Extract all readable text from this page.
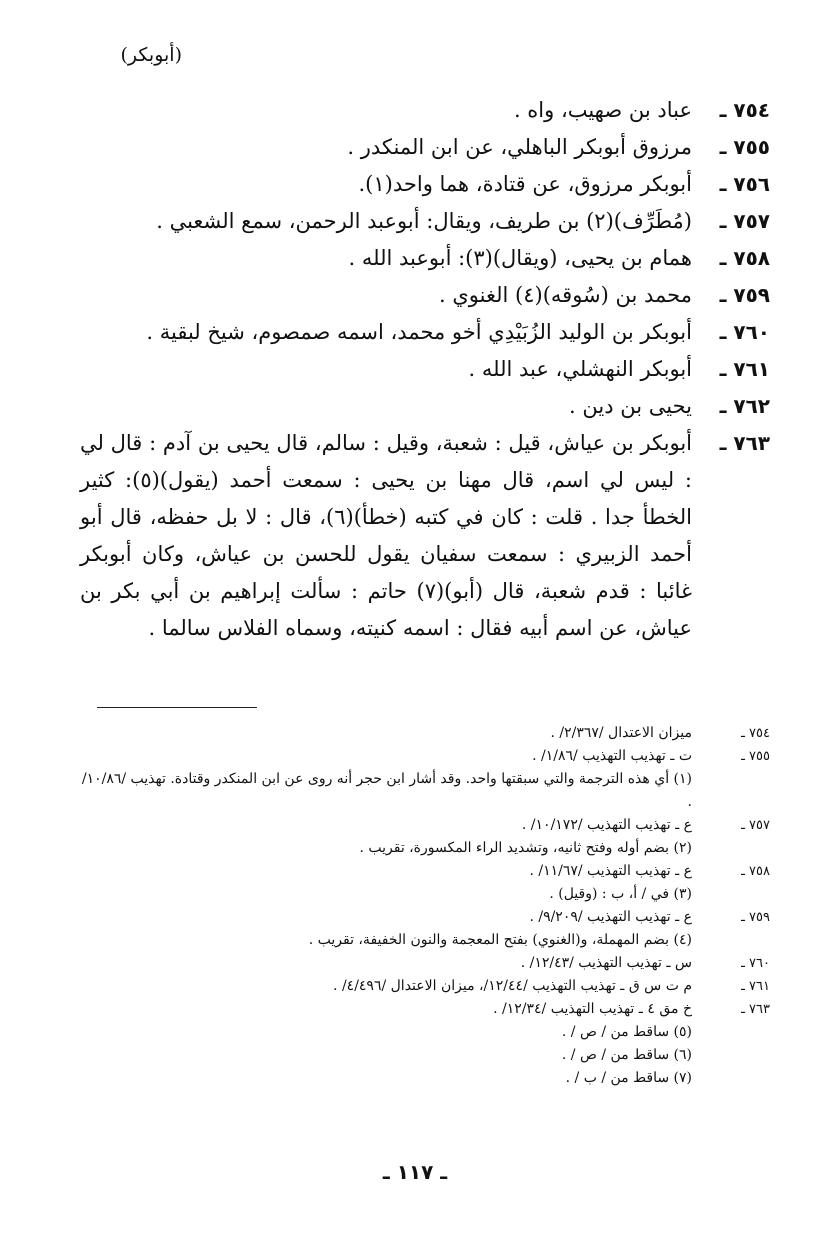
(أبوبكر)
٧٥٤ ـ
عباد بن صهيب، واه .
٧٥٥ ـ
مرزوق أبوبكر الباهلي، عن ابن المنكدر .
٧٥٦ ـ
أبوبكر مرزوق، عن قتادة، هما واحد(١).
٧٥٧ ـ
(مُطَرِّف)(٢) بن طريف، ويقال: أبوعبد الرحمن، سمع الشعبي .
٧٥٨ ـ
همام بن يحيى، (ويقال)(٣): أبوعبد الله .
٧٥٩ ـ
محمد بن (سُوقه)(٤) الغنوي .
٧٦٠ ـ
أبوبكر بن الوليد الزُبَيْدِي أخو محمد، اسمه صمصوم، شيخ لبقية .
٧٦١ ـ
أبوبكر النهشلي، عبد الله .
٧٦٢ ـ
يحيى بن دين .
٧٦٣ ـ
أبوبكر بن عياش، قيل : شعبة، وقيل : سالم، قال يحيى بن آدم : قال لي : ليس لي اسم، قال مهنا بن يحيى : سمعت أحمد (يقول)(٥): كثير الخطأ جدا . قلت : كان في كتبه (خطأ)(٦)، قال : لا بل حفظه، قال أبو أحمد الزبيري : سمعت سفيان يقول للحسن بن عياش، وكان أبوبكر غائبا : قدم شعبة، قال (أبو)(٧) حاتم : سألت إبراهيم بن أبي بكر بن عياش، عن اسم أبيه فقال : اسمه كنيته، وسماه الفلاس سالما .
٧٥٤ ـ
ميزان الاعتدال /٢/٣٦٧/ .
٧٥٥ ـ
ت ـ تهذيب التهذيب /١/٨٦/ .
(١) أي هذه الترجمة والتي سبقتها واحد. وقد أشار ابن حجر أنه روى عن ابن المنكدر وقتادة. تهذيب /١٠/٨٦/ .
٧٥٧ ـ
ع ـ تهذيب التهذيب /١٠/١٧٢/ .
(٢) بضم أوله وفتح ثانيه، وتشديد الراء المكسورة، تقريب .
٧٥٨ ـ
ع ـ تهذيب التهذيب /١١/٦٧/ .
(٣) في / أ، ب : (وقيل) .
٧٥٩ ـ
ع ـ تهذيب التهذيب /٩/٢٠٩/ .
(٤) بضم المهملة، و(الغنوي) بفتح المعجمة والنون الخفيفة، تقريب .
٧٦٠ ـ
س ـ تهذيب التهذيب /١٢/٤٣/ .
٧٦١ ـ
م ت س ق ـ تهذيب التهذيب /١٢/٤٤/، ميزان الاعتدال /٤/٤٩٦/ .
٧٦٣ ـ
خ مق ٤ ـ تهذيب التهذيب /١٢/٣٤/ .
(٥) ساقط من / ص / .
(٦) ساقط من / ص / .
(٧) ساقط من / ب / .
ـ ١١٧ ـ
